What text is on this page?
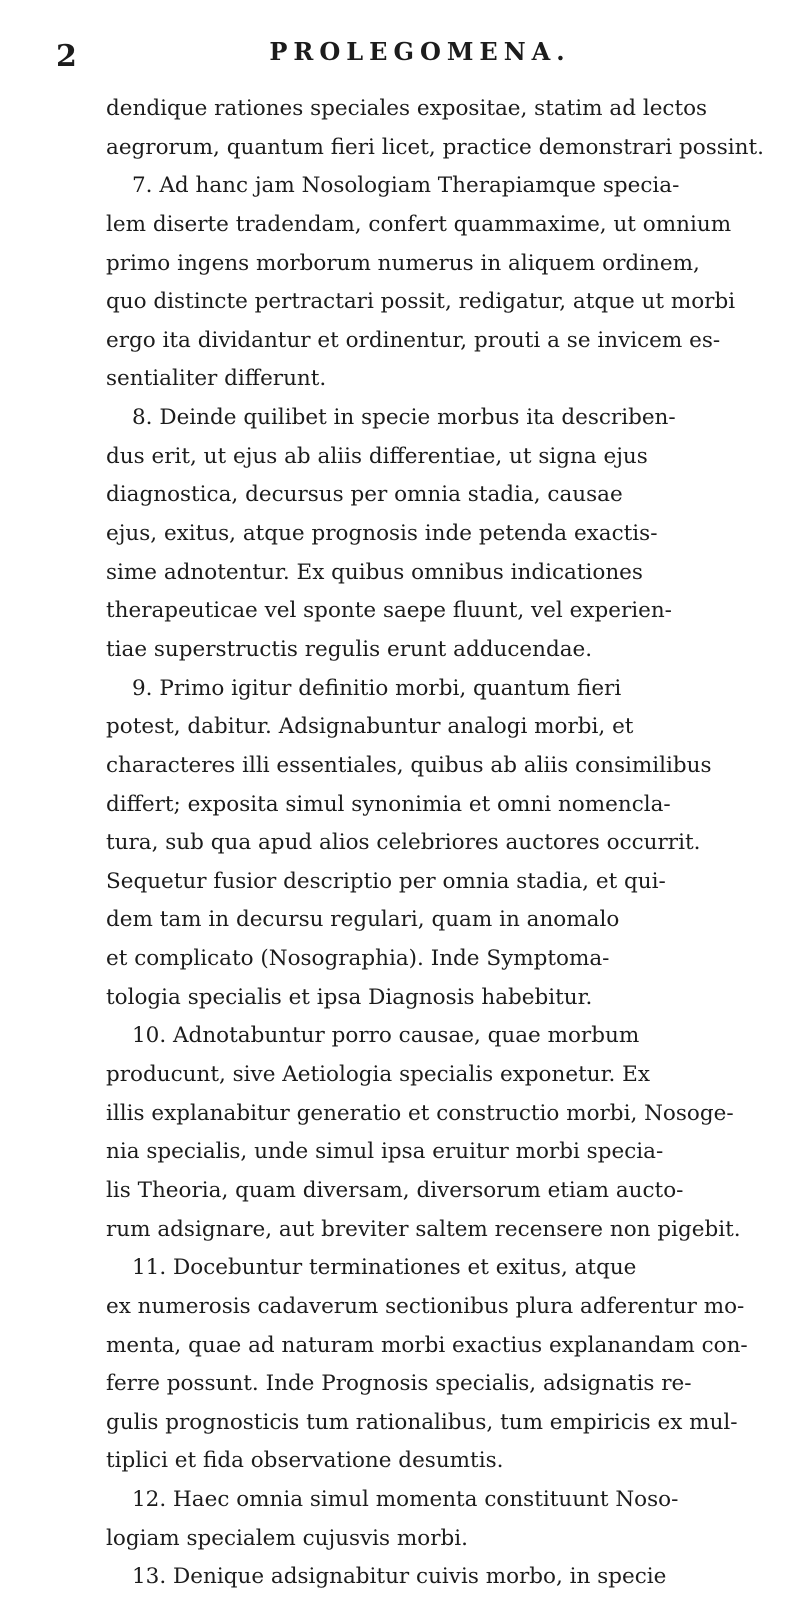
2	PROLEGOMENA.
dendique rationes speciales expositae, statim ad lectos
aegrorum, quantum fieri licet, practice demonstrari possint.
7. Ad hanc jam Nosologiam Therapiamque specia-
lem diserte tradendam, confert quammaxime, ut omnium
primo ingens morborum numerus in aliquem ordinem,
quo distincte pertractari possit, redigatur, atque ut morbi
ergo ita dividantur et ordinentur, prouti a se invicem es-
sentialiter differunt.
8. Deinde quilibet in specie morbus ita describen-
dus erit, ut ejus ab aliis differentiae, ut signa ejus
diagnostica, decursus per omnia stadia, causae
ejus, exitus, atque prognosis inde petenda exactis-
sime adnotentur. Ex quibus omnibus indicationes
therapeuticae vel sponte saepe fluunt, vel experien-
tiae superstructis regulis erunt adducendae.
9. Primo igitur definitio morbi, quantum fieri
potest, dabitur. Adsignabuntur analogi morbi, et
characteres illi essentiales, quibus ab aliis consimilibus
differt; exposita simul synonimia et omni nomencla-
tura, sub qua apud alios celebriores auctores occurrit.
Sequetur fusior descriptio per omnia stadia, et qui-
dem tam in decursu regulari, quam in anomalo
et complicato (Nosographia). Inde Symptoma-
tologia specialis et ipsa Diagnosis habebitur.
10. Adnotabuntur porro causae, quae morbum
producunt, sive Aetiologia specialis exponetur. Ex
illis explanabitur generatio et constructio morbi, Nosoge-
nia specialis, unde simul ipsa eruitur morbi specia-
lis Theoria, quam diversam, diversorum etiam aucto-
rum adsignare, aut breviter saltem recensere non pigebit.
11. Docebuntur terminationes et exitus, atque
ex numerosis cadaverum sectionibus plura adferentur mo-
menta, quae ad naturam morbi exactius explanandam con-
ferre possunt. Inde Prognosis specialis, adsignatis re-
gulis prognosticis tum rationalibus, tum empiricis ex mul-
tiplici et fida observatione desumtis.
12. Haec omnia simul momenta constituunt Noso-
logiam specialem cujusvis morbi.
13. Denique adsignabitur cuivis morbo, in specie
